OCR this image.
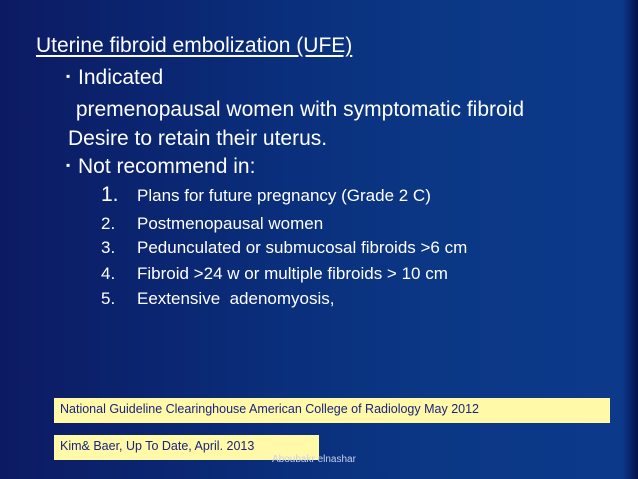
Uterine fibroid embolization (UFE)
▪ Indicated
premenopausal women with symptomatic fibroid
Desire to retain their uterus.
▪ Not recommend in:
1. Plans for future pregnancy (Grade 2 C)
2. Postmenopausal women
3. Pedunculated or submucosal fibroids >6 cm
4. Fibroid >24 w or multiple fibroids > 10 cm
5. Eextensive  adenomyosis,
National Guideline Clearinghouse American College of Radiology May 2012
Kim& Baer, Up To Date, April. 2013
Aboubakr elnashar
